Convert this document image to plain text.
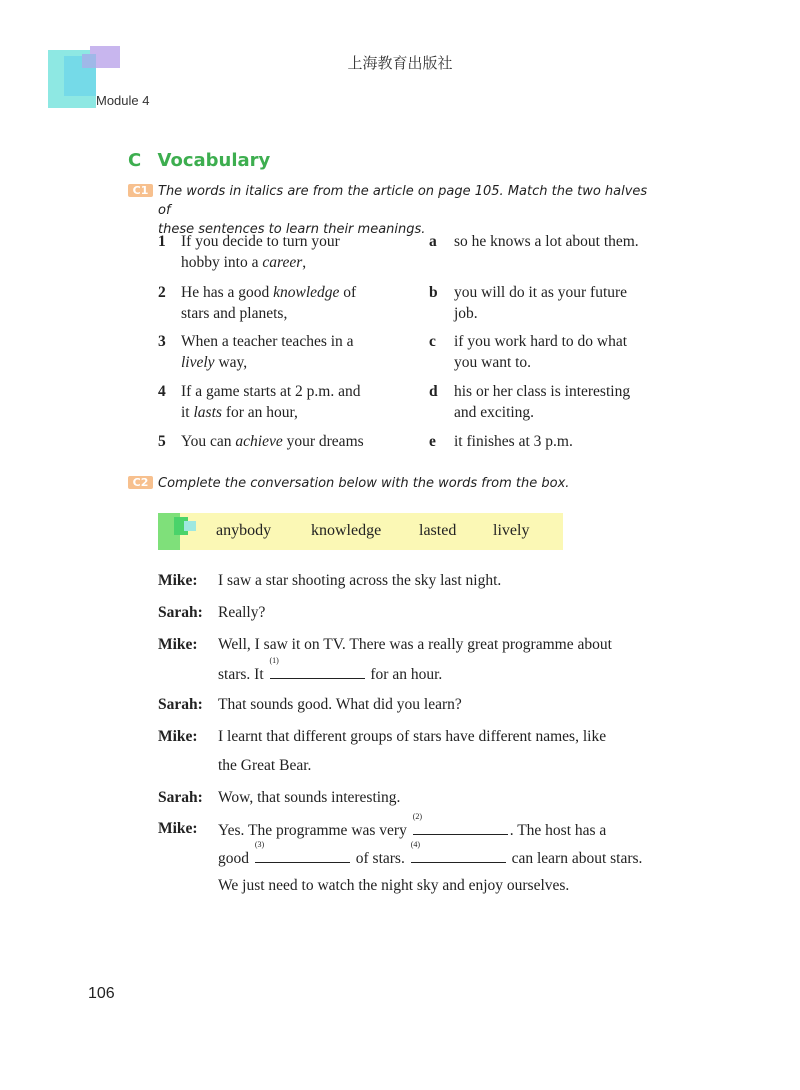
上海教育出版社
Module 4
C Vocabulary
C1 The words in italics are from the article on page 105. Match the two halves of
these sentences to learn their meanings.
1 If you decide to turn your
hobby into a career,
2 He has a good knowledge of
stars and planets,
3 When a teacher teaches in a
lively way,
4 If a game starts at 2 p.m. and
it lasts for an hour,
5 You can achieve your dreams
a so he knows a lot about them.
b you will do it as your future
job.
c if you work hard to do what
you want to.
d his or her class is interesting
and exciting.
e it finishes at 3 p.m.
C2 Complete the conversation below with the words from the box.
anybody knowledge lasted lively
Mike: I saw a star shooting across the sky last night.
Sarah: Really?
Mike: Well, I saw it on TV. There was a really great programme about
stars. It
(1)
for an hour.
Sarah: That sounds good. What did you learn?
Mike: I learnt that different groups of stars have different names, like
the Great Bear.
Sarah: Wow, that sounds interesting.
Mike: Yes. The programme was very
(2)
. The host has a
good
(3)
of stars.
(4)
can learn about stars.
We just need to watch the night sky and enjoy ourselves.
106
